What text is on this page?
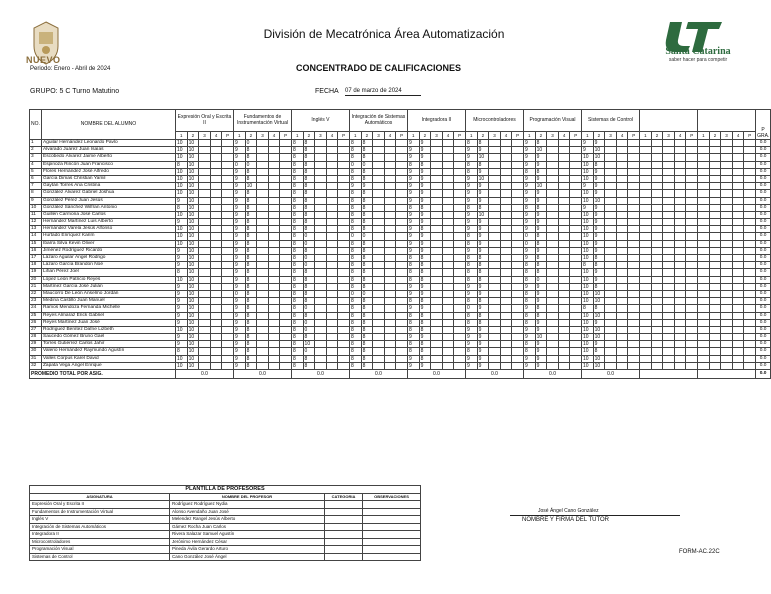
NUEVO
División de Mecatrónica Área Automatización
Santa Catarina
saber hacer para competir
Periodo: Enero - Abril de 2024	CONCENTRADO DE CALIFICACIONES
GRUPO: 5 C Turno Matutino	FECHA 07 de marzo de 2024
NO.	NOMBRE DEL ALUMNO	Expresión Oral y Escrita II					Fundamentos de Instrumentación Virtual					Inglés V					Integración de Sistemas Automáticos					Integradora II					Microcontroladores					Programación Visual					Sistemas de Control															P
GRA.
		1	2	3	4	P	1	2	3	4	P	1	2	3	4	P	1	2	3	4	P	1	2	3	4	P	1	2	3	4	P	1	2	3	4	P	1	2	3	4	P	1	2	3	4	P	1	2	3	4	P	
1	Aguilar Hernández Leonardo Pavlo	10	10				9	0				8	8				8	8				9	9				8	8				9	8				9	9														0.0
2	Alvarado Juárez Juan Isaías	10	10				9	8				8	8				8	8				9	9				9	9				9	10				9	10														0.0
3	Escobedo Álvarez Jaime Alberto	10	10				9	8				8	8				8	8				9	9				9	10				9	9				10	10														0.0
4	Espinoza Rincón Juan Francisco	8	10				0	0				8	8				0	0				8	8				8	8				9	9				10	8														0.0
5	Flores Hernández José Alfredo	10	10				9	8				8	8				8	8				9	9				8	9				8	8				10	9														0.0
6	García Dimas Christian Yamil	10	10				9	8				8	8				8	8				9	9				9	10				9	9				10	9														0.0
7	Gaytán Torres Ana Cristina	10	10				9	10				8	8				9	9				9	9				9	9				9	10				9	9														0.0
8	González Álvarez Gabriel Joshua	10	10				9	8				8	8				8	8				9	9				9	9				9	9				10	9														0.0
9	González Pérez Juan Jesús	9	10				9	8				8	8				8	8				9	9				9	9				9	9				10	10														0.0
10	González Sánchez Wilfran Antonio	8	10				9	8				8	8				8	8				8	8				8	8				8	8				9	9														0.0
11	Guillén Carmona José Carlos	10	10				9	8				8	8				8	8				9	9				9	10				9	9				10	9														0.0
12	Hernández Martínez Luis Alberto	9	10				9	8				8	8				8	8				9	9				9	9				9	9				10	9														0.0
13	Hernández Varela Jesús Alfonso	10	10				9	8				8	8				8	8				9	8				9	9				9	9				10	9														0.0
14	Hurtado Enríquez Karim	10	10				9	8				8	0				0	0				9	9				8	9				0	8				10	9														0.0
15	Ibarra Silva Kevin Oliver	10	10				9	8				8	0				8	8				9	9				8	9				0	8				10	9														0.0
16	Jiménez Rodríguez Ricardo	9	10				9	8				8	8				8	8				9	9				9	9				9	9				10	9														0.0
17	Lázaro Aguilar Ángel Rodrigo	9	10				9	8				8	0				8	8				8	8				8	8				9	8				10	8														0.0
18	Lázaro García Brandon Noé	9	10				9	8				8	0				8	8				8	8				8	8				8	8				8	8														0.0
19	Lihan Pérez Joel	8	10				9	8				8	8				8	8				8	8				8	8				8	8				10	9														0.0
20	López León Patricio Reyes	10	10				9	8				8	8				8	8				8	8				8	8				8	0				10	9														0.0
21	Martínez García José Julián	9	10				9	8				8	8				8	8				9	9				9	9				9	9				10	8														0.0
22	Maucorro De León Anselmo Jordán	9	10				0	8				8	8				0	0				9	9				9	9				8	9				10	10														0.0
23	Medina Castillo Juan Manuel	9	10				9	8				8	8				8	8				8	8				8	8				8	9				10	10														0.0
24	Ramos Mendoza Fernanda Michelle	9	10				9	8				8	0				8	8				9	9				0	9				9	8				8	8														0.0
25	Reyes Almaraz Erick Gabriel	9	10				9	8				8	8				8	8				8	8				8	8				8	8				10	10														0.0
26	Reyes Martínez Juan José	9	10				9	8				8	0				8	8				8	8				8	8				8	9				10	9														0.0
27	Rodríguez Benítez Dafne Lizbeth	10	10				9	8				8	0				8	8				8	8				9	9				9	9				10	10														0.0
28	Saucedo Gómez Bruno Gael	9	10				9	8				8	8				8	8				9	9				9	9				9	10				10	10														0.0
29	Torres Gutiérrez Carlos Jahir	9	10				9	8				8	10				8	8				8	8				9	9				8	9				10	9														0.0
30	Valerio Hernández Raymundo Agustín	8	10				9	8				8	0				8	8				8	8				8	9				8	9				10	8														0.0
31	Valles Corpus Karel David	10	10				9	8				8	8				8	8				9	8				9	9				9	9				10	10														0.0
32	Zapata Vega Ángel Enrique	10	10				9	8				8	8				8	8				9	9				9	9				9	9				10	10														0.0
PROMEDIO TOTAL POR ASIG.		0.0					0.0					0.0					0.0					0.0					0.0					0.0					0.0															0.0
PLANTILLA DE PROFESORES			
ASIGNATURA	NOMBRE DEL PROFESOR	CATEGORIA	OBSERVACIONES
Expresión Oral y Escrita II	Rodríguez Rodríguez Nydia		
Fundamentos de Instrumentación Virtual	Alonso Avendaño Juan José		
Inglés V	Melendez Rangel Jesús Alberto		
Integración de Sistemas Automáticos	Gámez Rocha Juan Carlos		
Integradora II	Rivera Salazar Samuel Agustín		
Microcontroladores	Jerónimo Hernández César		
Programación Visual	Pineda Ávila Gerardo Arturo		
Sistemas de Control	Cano González José Ángel		
José Ángel Cano González
NOMBRE Y FIRMA DEL TUTOR
FORM-AC.22C
